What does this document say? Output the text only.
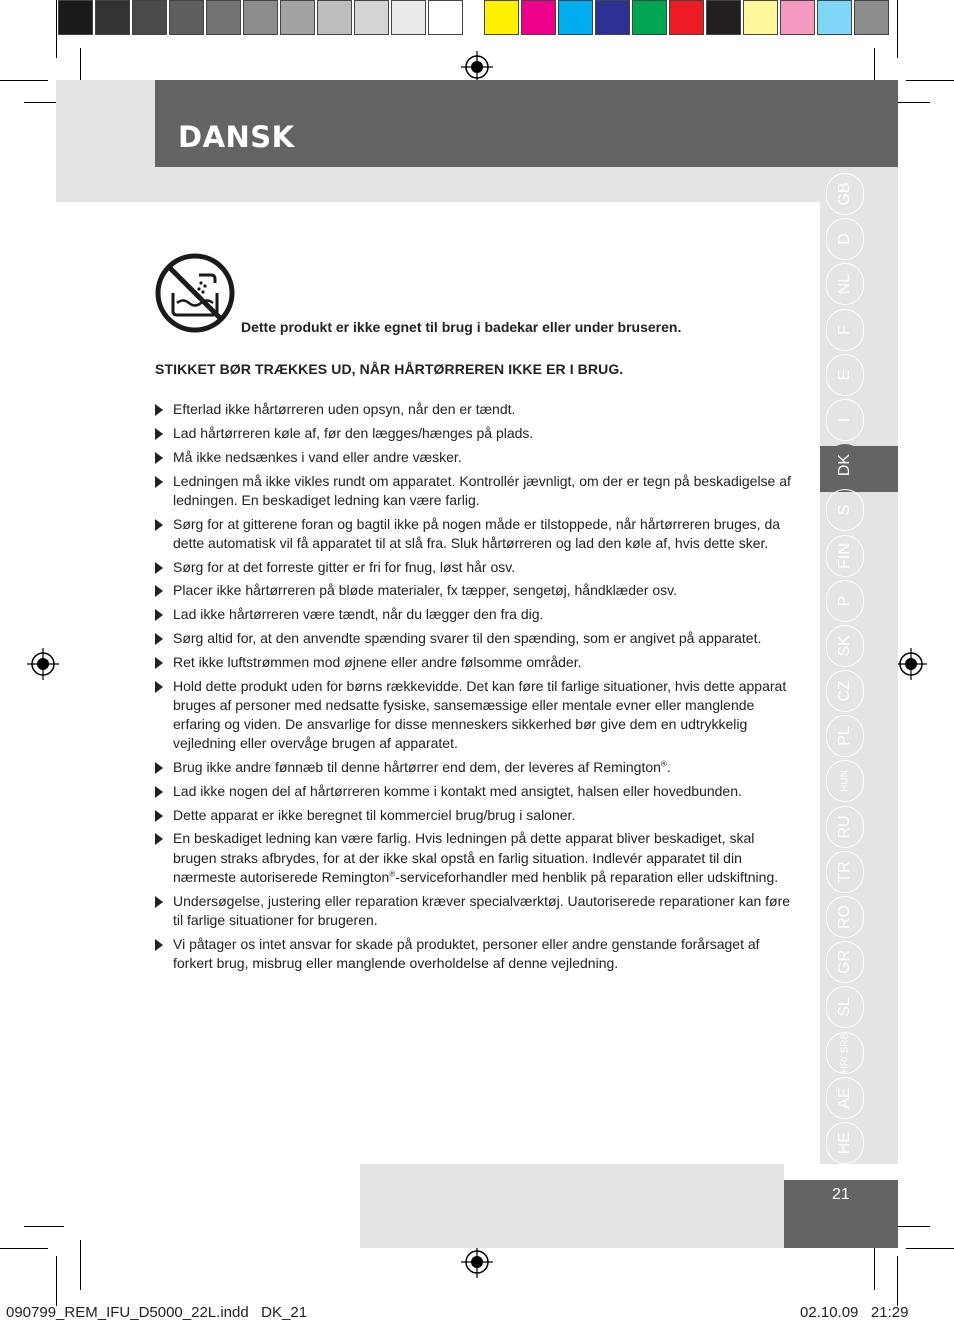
DANSK
GB
D
NL
F
E
I
DK
S
FIN
P
SK
CZ
PL
HUN
RU
TR
RO
GR
SL
HR/ SRB
AE
HE
21
Dette produkt er ikke egnet til brug i badekar eller under bruseren.
STIKKET BØR TRÆKKES UD, NÅR HÅRTØRREREN IKKE ER I BRUG.
Efterlad ikke hårtørreren uden opsyn, når den er tændt.
Lad hårtørreren køle af, før den lægges/hænges på plads.
Må ikke nedsænkes i vand eller andre væsker.
Ledningen må ikke vikles rundt om apparatet. Kontrollér jævnligt, om der er tegn på beskadigelse af ledningen. En beskadiget ledning kan være farlig.
Sørg for at gitterene foran og bagtil ikke på nogen måde er tilstoppede, når hårtørreren bruges, da dette automatisk vil få apparatet til at slå fra. Sluk hårtørreren og lad den køle af, hvis dette sker.
Sørg for at det forreste gitter er fri for fnug, løst hår osv.
Placer ikke hårtørreren på bløde materialer, fx tæpper, sengetøj, håndklæder osv.
Lad ikke hårtørreren være tændt, når du lægger den fra dig.
Sørg altid for, at den anvendte spænding svarer til den spænding, som er angivet på apparatet.
Ret ikke luftstrømmen mod øjnene eller andre følsomme områder.
Hold dette produkt uden for børns rækkevidde. Det kan føre til farlige situationer, hvis dette apparat bruges af personer med nedsatte fysiske, sansemæssige eller mentale evner eller manglende erfaring og viden. De ansvarlige for disse menneskers sikkerhed bør give dem en udtrykkelig vejledning eller overvåge brugen af apparatet.
Brug ikke andre fønnæb til denne hårtørrer end dem, der leveres af Remington®.
Lad ikke nogen del af hårtørreren komme i kontakt med ansigtet, halsen eller hovedbunden.
Dette apparat er ikke beregnet til kommerciel brug/brug i saloner.
En beskadiget ledning kan være farlig. Hvis ledningen på dette apparat bliver beskadiget, skal brugen straks afbrydes, for at der ikke skal opstå en farlig situation. Indlevér apparatet til din nærmeste autoriserede Remington®-serviceforhandler med henblik på reparation eller udskiftning.
Undersøgelse, justering eller reparation kræver specialværktøj. Uautoriserede reparationer kan føre til farlige situationer for brugeren.
Vi påtager os intet ansvar for skade på produktet, personer eller andre genstande forårsaget af forkert brug, misbrug eller manglende overholdelse af denne vejledning.
090799_REM_IFU_D5000_22L.indd   DK_21	02.10.09   21:29
